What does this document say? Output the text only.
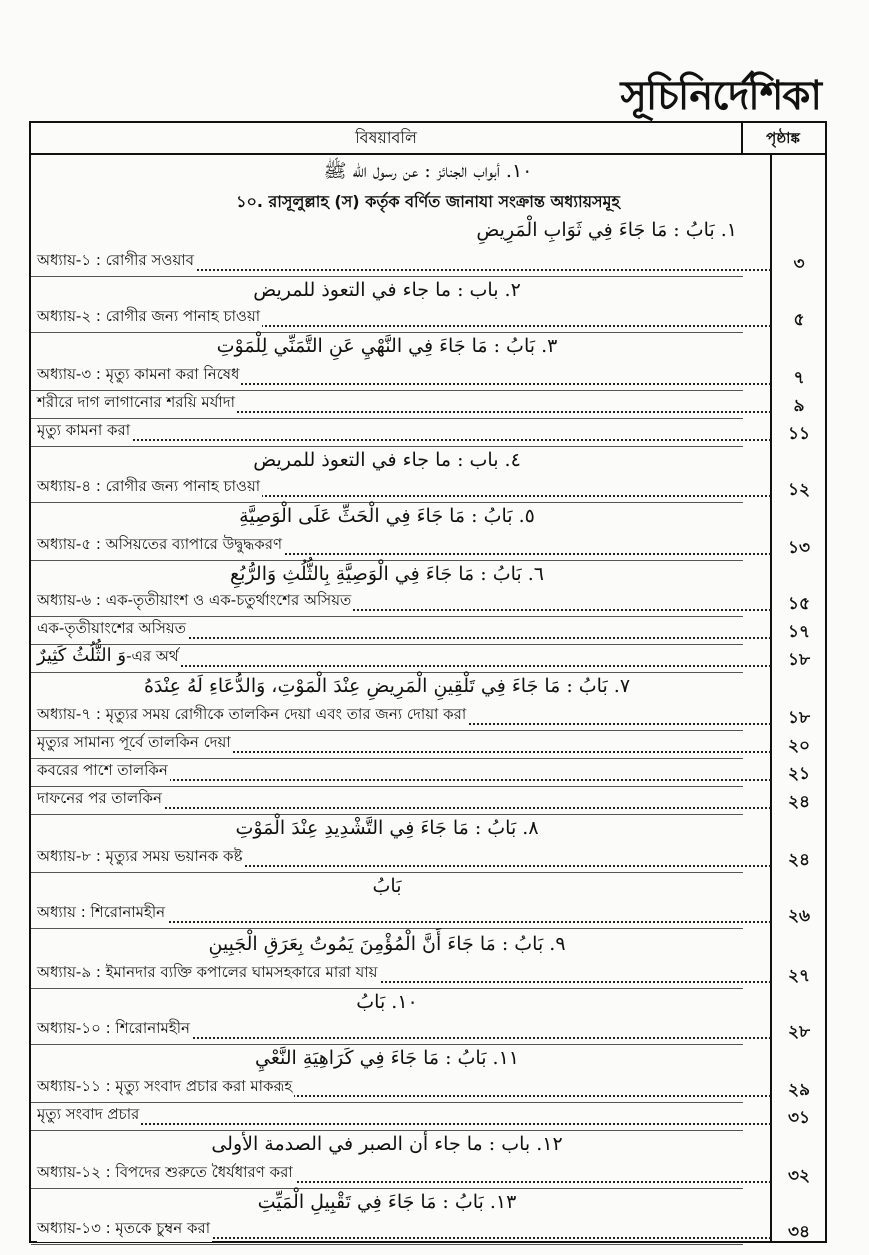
সূচিনির্দেশিকা
বিষয়াবলি	পৃষ্ঠাঙ্ক
١٠. أبواب الجنائز : عن رسول الله ﷺ
১০. রাসূলুল্লাহ (স) কর্তৃক বর্ণিত জানাযা সংক্রান্ত অধ্যায়সমূহ
١. بَابُ : مَا جَاءَ فِي ثَوَابِ الْمَرِيضِ
অধ্যায়-১ : রোগীর সওয়াব	৩
٢. باب : ما جاء في التعوذ للمريض
অধ্যায়-২ : রোগীর জন্য পানাহ চাওয়া	৫
٣. بَابُ : مَا جَاءَ فِي النَّهْيِ عَنِ التَّمَنِّي لِلْمَوْتِ
অধ্যায়-৩ : মৃত্যু কামনা করা নিষেধ	৭
শরীরে দাগ লাগানোর শরয়ি মর্যাদা	৯
মৃত্যু কামনা করা	১১
٤. باب : ما جاء في التعوذ للمريض
অধ্যায়-৪ : রোগীর জন্য পানাহ চাওয়া	১২
٥. بَابُ : مَا جَاءَ فِي الْحَثِّ عَلَى الْوَصِيَّةِ
অধ্যায়-৫ : অসিয়তের ব্যাপারে উদ্বুদ্ধকরণ	১৩
٦. بَابُ : مَا جَاءَ فِي الْوَصِيَّةِ بِالثُّلُثِ وَالرُّبُعِ
অধ্যায়-৬ : এক-তৃতীয়াংশ ও এক-চতুর্থাংশের অসিয়ত	১৫
এক-তৃতীয়াংশের অসিয়ত	১৭
وَ الثُّلُثُ كَثِيرٌ-এর অর্থ	১৮
٧. بَابُ : مَا جَاءَ فِي تَلْقِينِ الْمَرِيضِ عِنْدَ الْمَوْتِ، وَالدُّعَاءِ لَهُ عِنْدَهُ
অধ্যায়-৭ : মৃত্যুর সময় রোগীকে তালকিন দেয়া এবং তার জন্য দোয়া করা	১৮
মৃত্যুর সামান্য পূর্বে তালকিন দেয়া	২০
কবরের পাশে তালকিন	২১
দাফনের পর তালকিন	২৪
٨. بَابُ : مَا جَاءَ فِي التَّشْدِيدِ عِنْدَ الْمَوْتِ
অধ্যায়-৮ : মৃত্যুর সময় ভয়ানক কষ্ট	২৪
بَابُ
অধ্যায় : শিরোনামহীন	২৬
٩. بَابُ : مَا جَاءَ أَنَّ الْمُؤْمِنَ يَمُوتُ بِعَرَقِ الْجَبِينِ
অধ্যায়-৯ : ইমানদার ব্যক্তি কপালের ঘামসহকারে মারা যায়	২৭
١٠. بَابُ
অধ্যায়-১০ : শিরোনামহীন	২৮
١١. بَابُ : مَا جَاءَ فِي كَرَاهِيَةِ النَّعْيِ
অধ্যায়-১১ : মৃত্যু সংবাদ প্রচার করা মাকরূহ	২৯
মৃত্যু সংবাদ প্রচার	৩১
١٢. باب : ما جاء أن الصبر في الصدمة الأولى
অধ্যায়-১২ : বিপদের শুরুতে ধৈর্যধারণ করা	৩২
١٣. بَابُ : مَا جَاءَ فِي تَقْبِيلِ الْمَيِّتِ
অধ্যায়-১৩ : মৃতকে চুম্বন করা	৩৪
